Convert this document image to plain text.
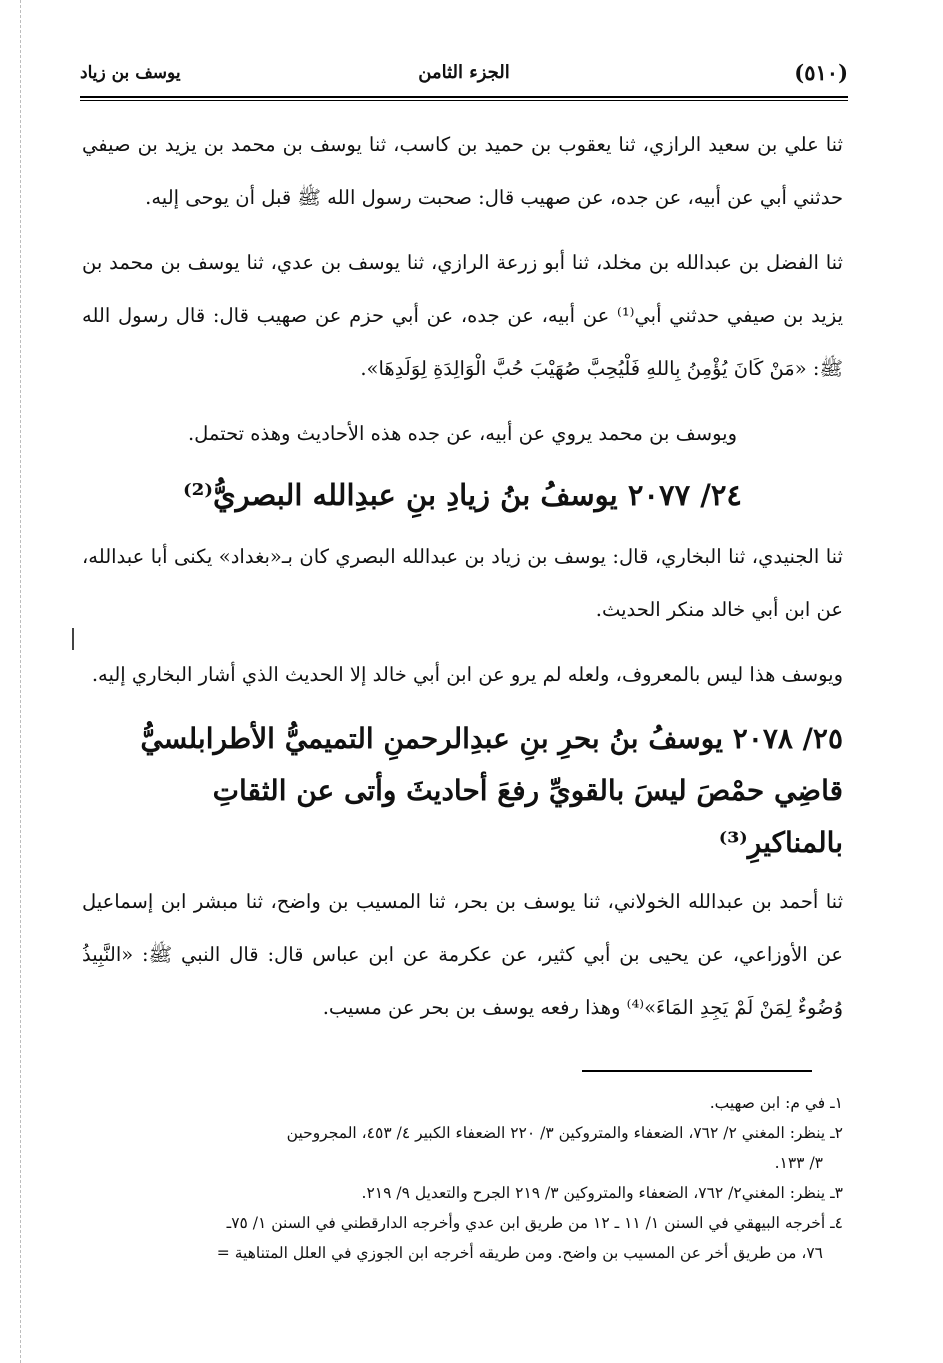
(٥١٠)
الجزء الثامن
يوسف بن زياد

ثنا علي بن سعيد الرازي، ثنا يعقوب بن حميد بن كاسب، ثنا يوسف بن محمد بن يزيد بن صيفي حدثني أبي عن أبيه، عن جده، عن صهيب قال: صحبت رسول الله ﷺ قبل أن يوحى إليه.

ثنا الفضل بن عبدالله بن مخلد، ثنا أبو زرعة الرازي، ثنا يوسف بن عدي، ثنا يوسف بن محمد بن يزيد بن صيفي حدثني أبي⁽¹⁾ عن أبيه، عن جده، عن أبي حزم عن صهيب قال: قال رسول الله ﷺ: «مَنْ كَانَ يُؤْمِنُ بِاللهِ فَلْيُحِبَّ صُهَيْبَ حُبَّ الْوَالِدَةِ لِوَلَدِهَا».

ويوسف بن محمد يروي عن أبيه، عن جده هذه الأحاديث وهذه تحتمل.

٢٤/ ٢٠٧٧ يوسفُ بنُ زيادِ بنِ عبدِالله البصريُّ⁽²⁾

ثنا الجنيدي، ثنا البخاري، قال: يوسف بن زياد بن عبدالله البصري كان بـ«بغداد» يكنى أبا عبدالله، عن ابن أبي خالد منكر الحديث.

ويوسف هذا ليس بالمعروف، ولعله لم يرو عن ابن أبي خالد إلا الحديث الذي أشار البخاري إليه.

٢٥/ ٢٠٧٨ يوسفُ بنُ بحرِ بنِ عبدِالرحمنِ التميميُّ الأطرابلسيُّ قاضِي حمْصَ ليسَ بالقويِّ رفعَ أحاديثَ وأتى عن الثقاتِ بالمناكيرِ⁽³⁾

ثنا أحمد بن عبدالله الخولاني، ثنا يوسف بن بحر، ثنا المسيب بن واضح، ثنا مبشر ابن إسماعيل عن الأوزاعي، عن يحيى بن أبي كثير، عن عكرمة عن ابن عباس قال: قال النبي ﷺ: «النَّبِيذُ وُضُوءٌ لِمَنْ لَمْ يَجِدِ المَاءَ»⁽⁴⁾ وهذا رفعه يوسف بن بحر عن مسيب.

١ـ في م: ابن صهيب.

٢ـ ينظر: المغني ٢/ ٧٦٢، الضعفاء والمتروكين ٣/ ٢٢٠ الضعفاء الكبير ٤/ ٤٥٣، المجروحين

٣/ ١٣٣.

٣ـ ينظر: المغني٢/ ٧٦٢، الضعفاء والمتروكين ٣/ ٢١٩ الجرح والتعديل ٩/ ٢١٩.

٤ـ أخرجه البيهقي في السنن ١/ ١١ ـ ١٢ من طريق ابن عدي وأخرجه الدارقطني في السنن ١/ ٧٥ـ

٧٦، من طريق أخر عن المسيب بن واضح. ومن طريقه أخرجه ابن الجوزي في العلل المتناهية =
